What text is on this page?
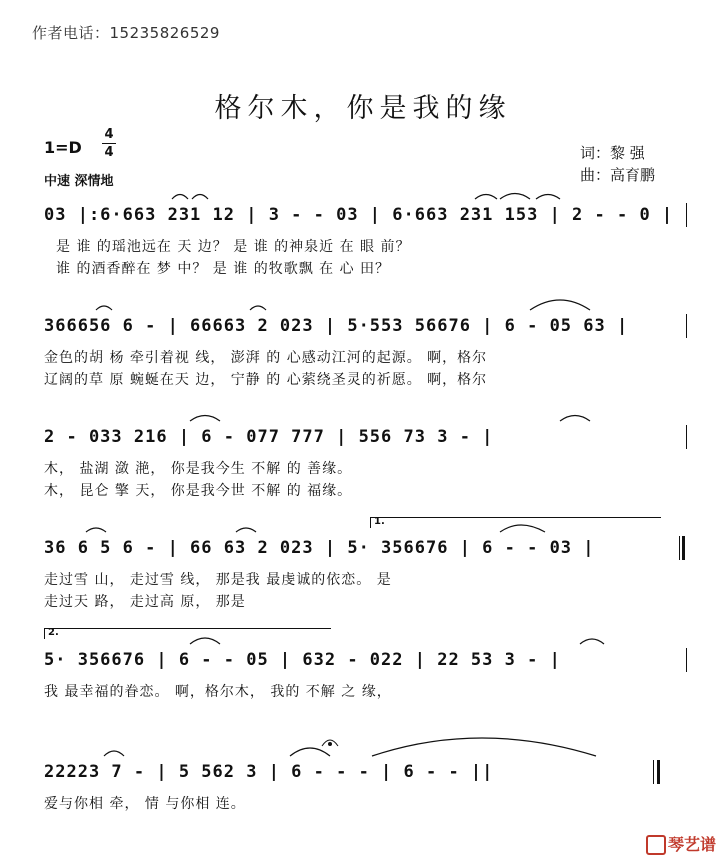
作者电话：15235826529
格尔木，你是我的缘
1=D
4
4
中速 深情地
词：黎 强
曲：高育鹏
03 |:6·663 231 12 | 3 - - 03 | 6·663 231 153 | 2 - - 0 |
是 谁 的瑶池远在 天 边？ 是 谁 的神泉近 在 眼 前？
谁 的酒香醉在 梦 中？ 是 谁 的牧歌飘 在 心 田？
366656 6 - | 66663 2 023 | 5·553 56676 | 6 - 05 63 |
金色的胡 杨 牵引着视 线， 澎湃 的 心感动江河的起源。 啊，格尔
辽阔的草 原 蜿蜒在天 边， 宁静 的 心萦绕圣灵的祈愿。 啊，格尔
2 - 033 216 | 6 - 077 777 | 556 73 3 - |
木， 盐湖 潋 滟， 你是我今生 不解 的 善缘。
木， 昆仑 擎 天， 你是我今世 不解 的 福缘。
1.
36 6 5 6 - | 66 63 2 023 | 5· 356676 | 6 - - 03 |
走过雪 山， 走过雪 线， 那是我 最虔诚的依恋。 是
走过天 路， 走过高 原， 那是
2.
5· 356676 | 6 - - 05 | 632 - 022 | 22 53 3 - |
我 最幸福的眷恋。 啊，格尔木， 我的 不解 之 缘，
22223 7 - | 5 562 3 | 6 - - - | 6 - - ||
爱与你相 牵， 情 与你相 连。
琴艺谱
